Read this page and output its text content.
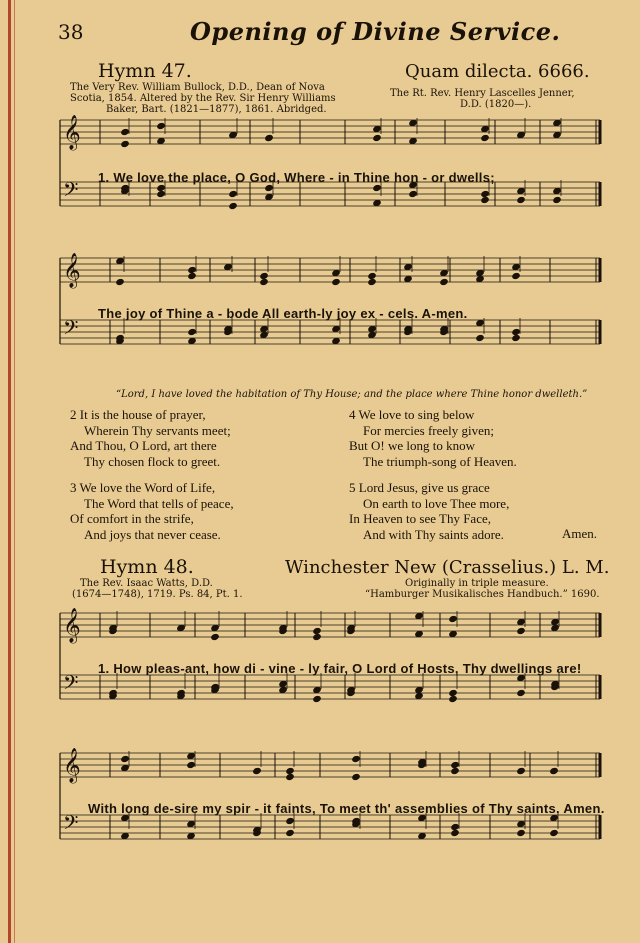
38	Opening of Divine Service.
Hymn 47.	Quam dilecta. 6666.
The Very Rev. William Bullock, D.D., Dean of Nova
Scotia, 1854. Altered by the Rev. Sir Henry Williams
Baker, Bart. (1821—1877), 1861. Abridged.
The Rt. Rev. Henry Lascelles Jenner,
D.D. (1820—).
𝄞
𝄢
1. We love the place, O God, Where - in Thine hon - or dwells;
𝄞
𝄢
The joy of Thine a - bode All earth-ly joy ex - cels. A-men.
“Lord, I have loved the habitation of Thy House; and the place where Thine honor dwelleth.”
2 It is the house of prayer,
Wherein Thy servants meet;
And Thou, O Lord, art there
Thy chosen flock to greet.
3 We love the Word of Life,
The Word that tells of peace,
Of comfort in the strife,
And joys that never cease.
4 We love to sing below
For mercies freely given;
But O! we long to know
The triumph-song of Heaven.
5 Lord Jesus, give us grace
On earth to love Thee more,
In Heaven to see Thy Face,
And with Thy saints adore.	Amen.
Hymn 48.	Winchester New (Crasselius.) L. M.
The Rev. Isaac Watts, D.D.
(1674—1748), 1719. Ps. 84, Pt. 1.
Originally in triple measure.
“Hamburger Musikalisches Handbuch.” 1690.
𝄞
𝄢
1. How pleas-ant, how di - vine - ly fair, O Lord of Hosts, Thy dwellings are!
𝄞
𝄢
With long de-sire my spir - it faints, To meet th' assemblies of Thy saints. Amen.
